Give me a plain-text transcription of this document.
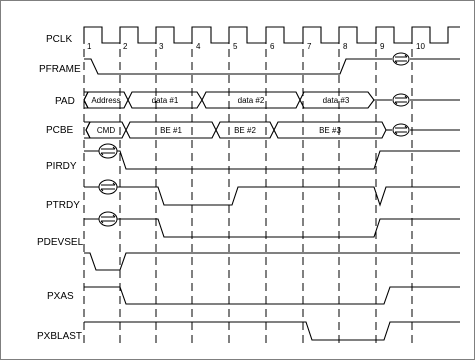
PCLK
PFRAME
PAD
PCBE
PIRDY
PTRDY
PDEVSEL
PXAS
PXBLAST
1	2	3	4	5	6	7	8	9	10
Address	data #1	data #2	data #3
CMD	BE #1	BE #2	BE #3
